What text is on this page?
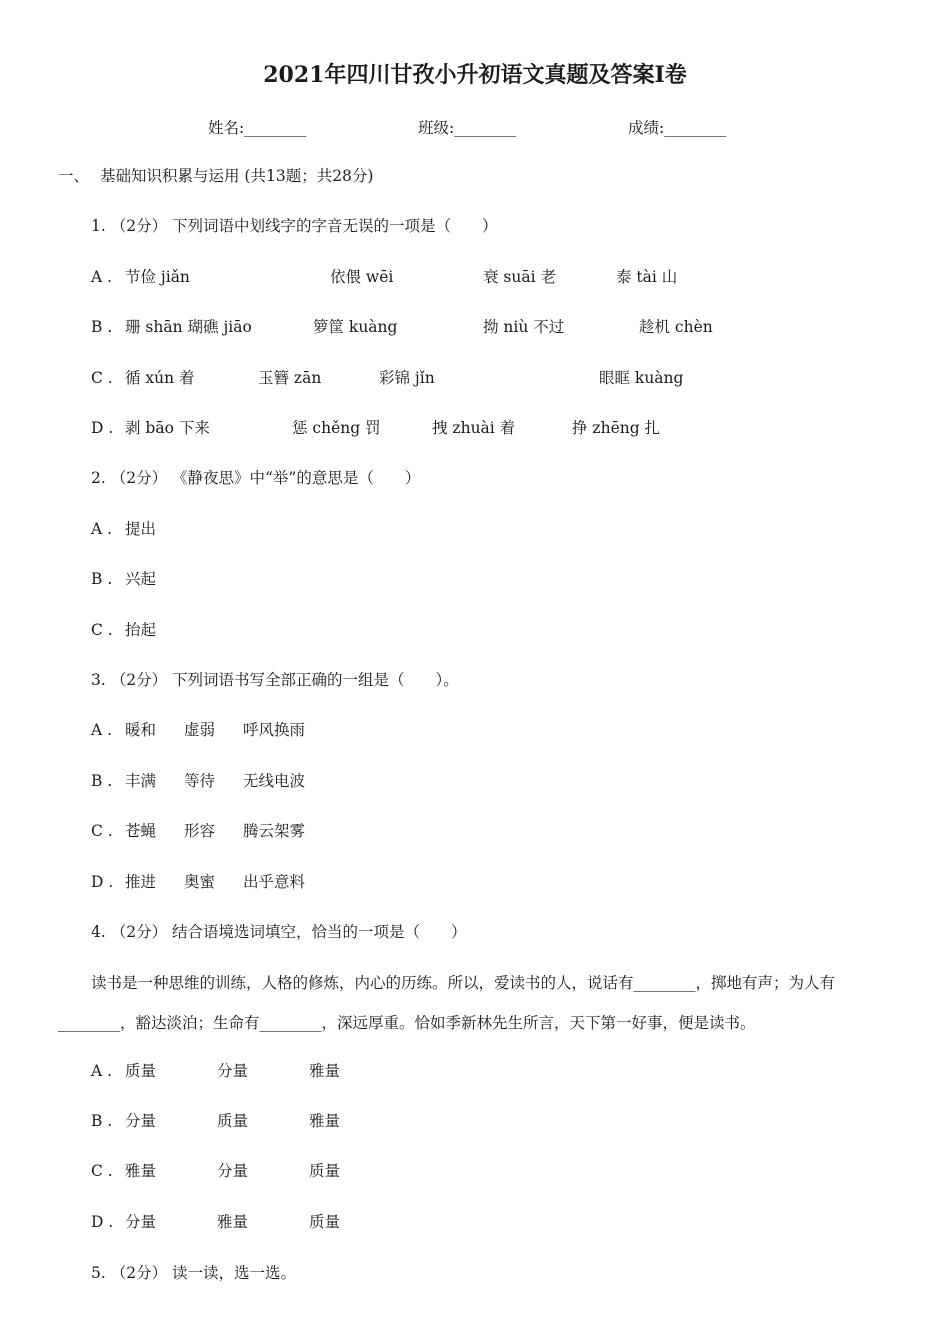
2021年四川甘孜小升初语文真题及答案I卷
姓名:________	班级:________	成绩:________
一、 基础知识积累与运用 (共13题；共28分)
1. （2分） 下列词语中划线字的字音无误的一项是（　　）
A . 节俭 jiǎn	依偎 wēi	衰 suāi 老	泰 tài 山
B . 珊 shān 瑚礁 jiāo	箩筐 kuàng	拗 niù 不过	趁机 chèn
C . 循 xún 着	玉簪 zān	彩锦 jǐn	眼眶 kuàng
D . 剥 bāo 下来	惩 chěng 罚	拽 zhuài 着	挣 zhēng 扎
2. （2分） 《静夜思》中“举”的意思是（　　）
A . 提出
B . 兴起
C . 抬起
3. （2分） 下列词语书写全部正确的一组是（　　）。
A . 暖和 虚弱 呼风换雨
B . 丰满 等待 无线电波
C . 苍蝇 形容 腾云架雾
D . 推进 奥蜜 出乎意料
4. （2分） 结合语境选词填空，恰当的一项是（　　）
读书是一种思维的训练，人格的修炼，内心的历练。所以，爱读书的人，说话有________，掷地有声；为人有________，豁达淡泊；生命有________，深远厚重。恰如季新林先生所言，天下第一好事，便是读书。
A . 质量	分量	雅量
B . 分量	质量	雅量
C . 雅量	分量	质量
D . 分量	雅量	质量
5. （2分） 读一读，选一选。
